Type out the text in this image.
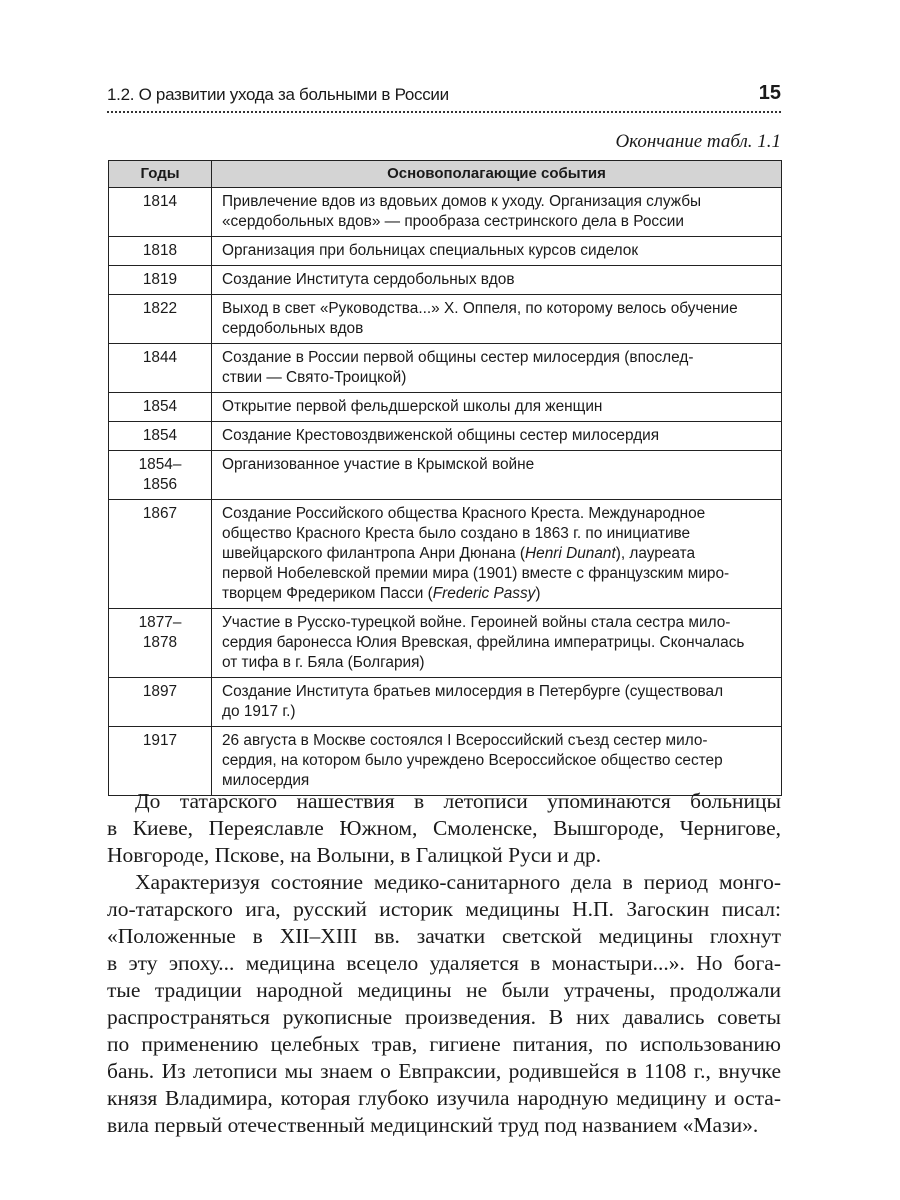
1.2. О развитии ухода за больными в России	15
Окончание табл. 1.1
Годы	Основополагающие события

1814	Привлечение вдов из вдовьих домов к уходу. Организация службы
«сердобольных вдов» — прообраза сестринского дела в России

1818	Организация при больницах специальных курсов сиделок

1819	Создание Института сердобольных вдов

1822	Выход в свет «Руководства...» Х. Оппеля, по которому велось обучение
сердобольных вдов

1844	Создание в России первой общины сестер милосердия (впослед-
ствии — Свято-Троицкой)

1854	Открытие первой фельдшерской школы для женщин

1854	Создание Крестовоздвиженской общины сестер милосердия

1854–
1856	Организованное участие в Крымской войне

1867	Создание Российского общества Красного Креста. Международное
общество Красного Креста было создано в 1863 г. по инициативе
швейцарского филантропа Анри Дюнана (Henri Dunant), лауреата
первой Нобелевской премии мира (1901) вместе с французским миро-
творцем Фредериком Пасси (Frederic Passy)

1877–
1878	Участие в Русско-турецкой войне. Героиней войны стала сестра мило-
сердия баронесса Юлия Вревская, фрейлина императрицы. Скончалась
от тифа в г. Бяла (Болгария)

1897	Создание Института братьев милосердия в Петербурге (существовал
до 1917 г.)

1917	26 августа в Москве состоялся I Всероссийский съезд сестер мило-
сердия, на котором было учреждено Всероссийское общество сестер
милосердия

До татарского нашествия в летописи упоминаются больницы
в Киеве, Переяславле Южном, Смоленске, Вышгороде, Чернигове,
Новгороде, Пскове, на Волыни, в Галицкой Руси и др.

Характеризуя состояние медико-санитарного дела в период монго-
ло-татарского ига, русский историк медицины Н.П. Загоскин писал:
«Положенные в XII–XIII вв. зачатки светской медицины глохнут
в эту эпоху... медицина всецело удаляется в монастыри...». Но бога-
тые традиции народной медицины не были утрачены, продолжали
распространяться рукописные произведения. В них давались советы
по применению целебных трав, гигиене питания, по использованию
бань. Из летописи мы знаем о Евпраксии, родившейся в 1108 г., внучке
князя Владимира, которая глубоко изучила народную медицину и оста-
вила первый отечественный медицинский труд под названием «Мази».
